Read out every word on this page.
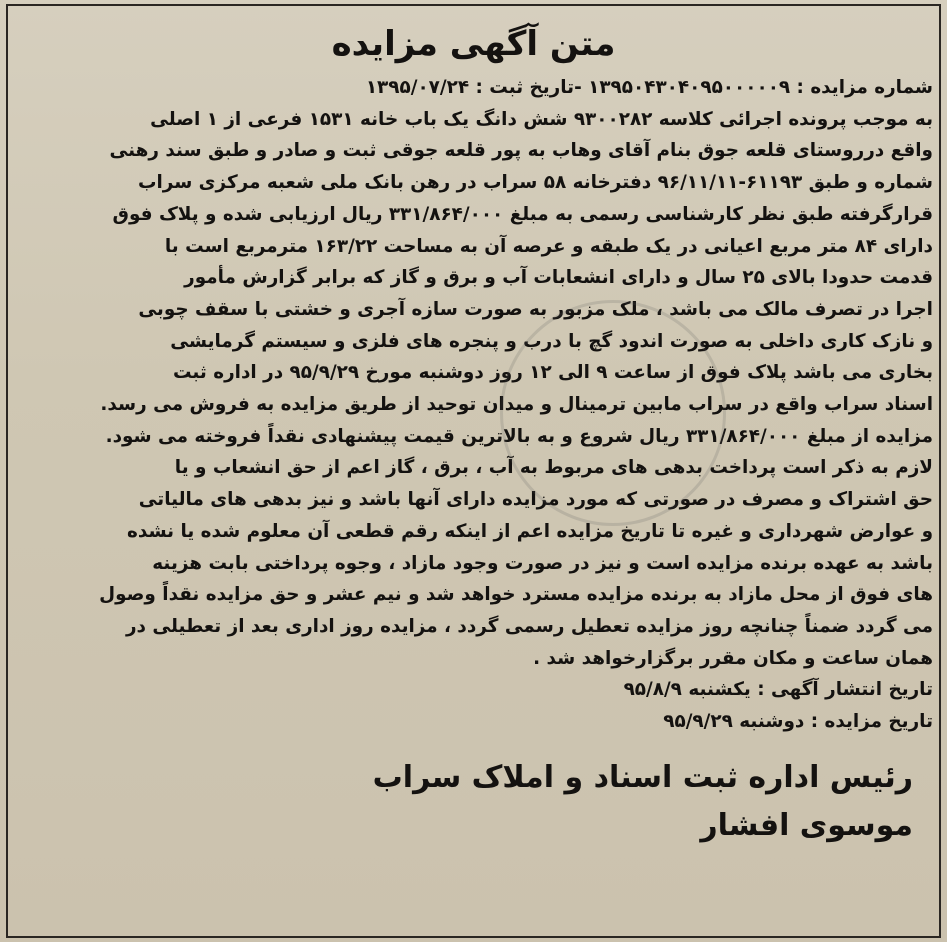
متن آگهی مزایده
شماره مزایده : ۱۳۹۵۰۴۳۰۴۰۹۵۰۰۰۰۰۹ -تاریخ ثبت : ۱۳۹۵/۰۷/۲۴
به موجب پرونده اجرائی کلاسه ۹۳۰۰۲۸۲ شش دانگ یک باب خانه ۱۵۳۱ فرعی از ۱ اصلی
واقع درروستای قلعه جوق بنام آقای وهاب به پور قلعه جوقی ثبت و صادر و طبق سند رهنی
شماره و طبق ۶۱۱۹۳-۹۶/۱۱/۱۱ دفترخانه ۵۸ سراب در رهن بانک ملی شعبه مرکزی سراب
قرارگرفته طبق نظر کارشناسی رسمی به مبلغ ۳۳۱/۸۶۴/۰۰۰ ریال ارزیابی شده و پلاک فوق
دارای ۸۴ متر مربع اعیانی در یک طبقه و عرصه آن به مساحت ۱۶۳/۲۲ مترمربع است با
قدمت حدودا بالای ۲۵ سال و دارای انشعابات آب و برق و گاز که برابر گزارش مأمور
اجرا در تصرف مالک می باشد ، ملک مزبور به صورت سازه آجری و خشتی با سقف چوبی
و نازک کاری داخلی به صورت اندود گچ با درب و پنجره های فلزی و سیستم گرمایشی
بخاری می باشد پلاک فوق از ساعت ۹ الی ۱۲ روز دوشنبه مورخ ۹۵/۹/۲۹ در اداره ثبت
اسناد سراب واقع در سراب مابین ترمینال و میدان توحید از طریق مزایده به فروش می رسد.
مزایده از مبلغ ۳۳۱/۸۶۴/۰۰۰ ریال شروع و به بالاترین قیمت پیشنهادی نقداً فروخته می شود.
لازم به ذکر است پرداخت بدهی های مربوط به آب ، برق ، گاز اعم از حق انشعاب و یا
حق اشتراک و مصرف در صورتی که مورد مزایده دارای آنها باشد و نیز بدهی های مالیاتی
و عوارض شهرداری و غیره تا تاریخ مزایده اعم از اینکه رقم قطعی آن معلوم شده یا نشده
باشد به عهده برنده مزایده است و نیز در صورت وجود مازاد ، وجوه پرداختی بابت هزینه
های فوق از محل مازاد به برنده مزایده مسترد خواهد شد و نیم عشر و حق مزایده نقداً وصول
می گردد ضمناً چنانچه روز مزایده تعطیل رسمی گردد ، مزایده روز اداری بعد از تعطیلی در
همان ساعت و مکان مقرر برگزارخواهد شد .
تاریخ انتشار آگهی : یکشنبه ۹۵/۸/۹
تاریخ مزایده : دوشنبه ۹۵/۹/۲۹
رئیس اداره ثبت اسناد و املاک سراب
موسوی افشار
